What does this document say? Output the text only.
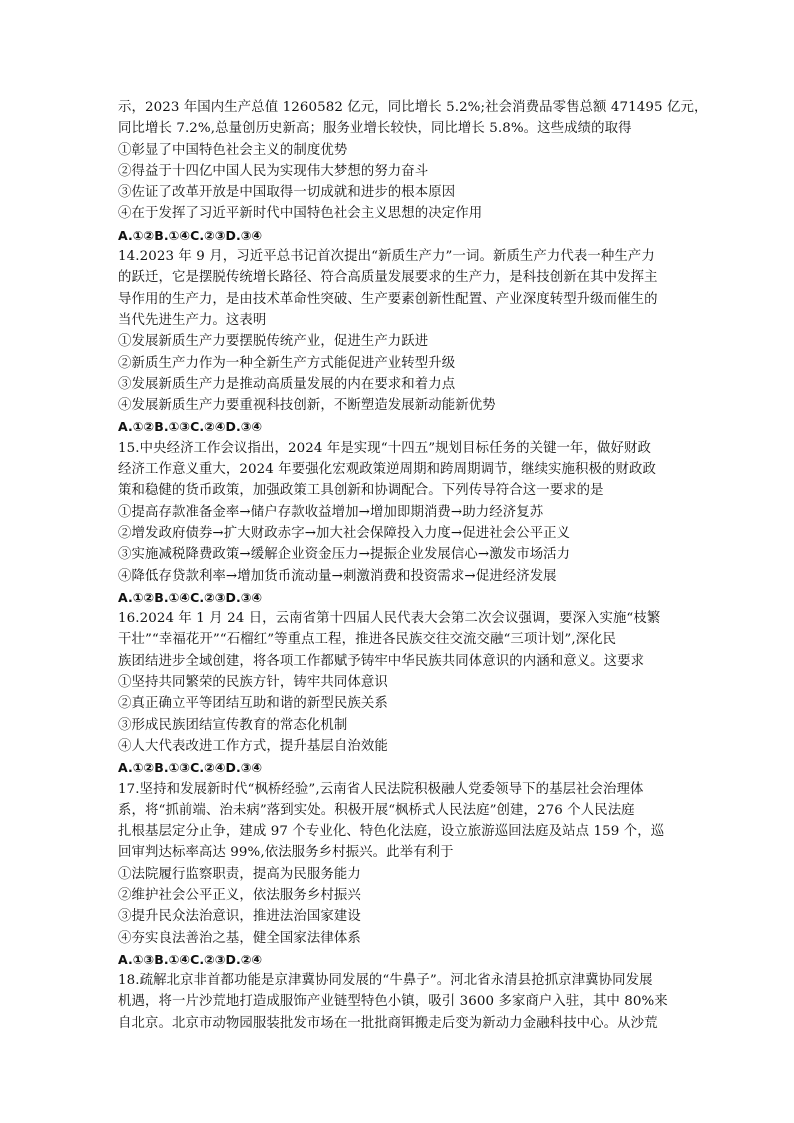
示，2023 年国内生产总值 1260582 亿元，同比增长 5.2%;社会消费品零售总额 471495 亿元，
同比增长 7.2%,总量创历史新高；服务业增长较快，同比增长 5.8%。这些成绩的取得
①彰显了中国特色社会主义的制度优势
②得益于十四亿中国人民为实现伟大梦想的努力奋斗
③佐证了改革开放是中国取得一切成就和进步的根本原因
④在于发挥了习近平新时代中国特色社会主义思想的决定作用
A.①②B.①④C.②③D.③④
14.2023 年 9 月，习近平总书记首次提出“新质生产力”一词。新质生产力代表一种生产力
的跃迁，它是摆脱传统增长路径、符合高质量发展要求的生产力，是科技创新在其中发挥主
导作用的生产力，是由技术革命性突破、生产要素创新性配置、产业深度转型升级而催生的
当代先进生产力。这表明
①发展新质生产力要摆脱传统产业，促进生产力跃进
②新质生产力作为一种全新生产方式能促进产业转型升级
③发展新质生产力是推动高质量发展的内在要求和着力点
④发展新质生产力要重视科技创新，不断塑造发展新动能新优势
A.①②B.①③C.②④D.③④
15.中央经济工作会议指出，2024 年是实现“十四五”规划目标任务的关键一年，做好财政
经济工作意义重大，2024 年要强化宏观政策逆周期和跨周期调节，继续实施积极的财政政
策和稳健的货币政策，加强政策工具创新和协调配合。下列传导符合这一要求的是
①提高存款准备金率→储户存款收益增加→增加即期消费→助力经济复苏
②增发政府债券→扩大财政赤字→加大社会保障投入力度→促进社会公平正义
③实施减税降费政策→缓解企业资金压力→提振企业发展信心→激发市场活力
④降低存贷款利率→增加货币流动量→刺激消费和投资需求→促进经济发展
A.①②B.①④C.②③D.③④
16.2024 年 1 月 24 日，云南省第十四届人民代表大会第二次会议强调，要深入实施“枝繁
干壮”“幸福花开”“石榴红”等重点工程，推进各民族交往交流交融“三项计划”,深化民
族团结进步全域创建，将各项工作都赋予铸牢中华民族共同体意识的内涵和意义。这要求
①坚持共同繁荣的民族方针，铸牢共同体意识
②真正确立平等团结互助和谐的新型民族关系
③形成民族团结宣传教育的常态化机制
④人大代表改进工作方式，提升基层自治效能
A.①②B.①③C.②④D.③④
17.坚持和发展新时代“枫桥经验”,云南省人民法院积极融人党委领导下的基层社会治理体
系，将“抓前端、治未病”落到实处。积极开展“枫桥式人民法庭”创建，276 个人民法庭
扎根基层定分止争，建成 97 个专业化、特色化法庭，设立旅游巡回法庭及站点 159 个，巡
回审判达标率高达 99%,依法服务乡村振兴。此举有利于
①法院履行监察职责，提高为民服务能力
②维护社会公平正义，依法服务乡村振兴
③提升民众法治意识，推进法治国家建设
④夯实良法善治之基，健全国家法律体系
A.①③B.①④C.②③D.②④
18.疏解北京非首都功能是京津冀协同发展的“牛鼻子”。河北省永清县抢抓京津冀协同发展
机遇，将一片沙荒地打造成服饰产业链型特色小镇，吸引 3600 多家商户入驻，其中 80%来
自北京。北京市动物园服装批发市场在一批批商铒搬走后变为新动力金融科技中心。从沙荒
